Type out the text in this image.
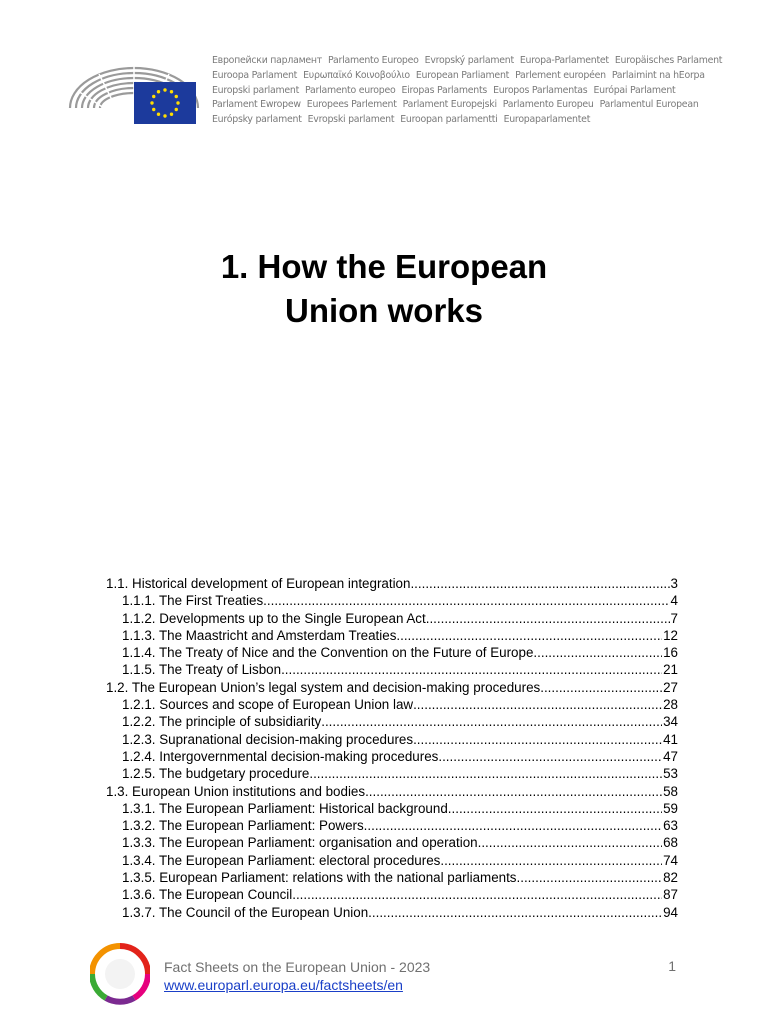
Европейски парламент Parlamento Europeo Evropský parlament Europa-Parlamentet Europäisches Parlament
Euroopa Parlament Ευρωπαϊκό Κοινοβούλιο European Parliament Parlement européen Parlaimint na hEorpa
Europski parlament Parlamento europeo Eiropas Parlaments Europos Parlamentas Európai Parlament
Parlament Ewropew Europees Parlement Parlament Europejski Parlamento Europeu Parlamentul European
Európsky parlament Evropski parlament Euroopan parlamentti Europaparlamentet
1. How the European
Union works
1.1. Historical development of European integration .....	3
1.1.1. The First Treaties .....	4
1.1.2. Developments up to the Single European Act .....	7
1.1.3. The Maastricht and Amsterdam Treaties .....	12
1.1.4. The Treaty of Nice and the Convention on the Future of Europe .....	16
1.1.5. The Treaty of Lisbon .....	21
1.2. The European Union’s legal system and decision-making procedures .....	27
1.2.1. Sources and scope of European Union law .....	28
1.2.2. The principle of subsidiarity .....	34
1.2.3. Supranational decision-making procedures .....	41
1.2.4. Intergovernmental decision-making procedures .....	47
1.2.5. The budgetary procedure .....	53
1.3. European Union institutions and bodies .....	58
1.3.1. The European Parliament: Historical background .....	59
1.3.2. The European Parliament: Powers .....	63
1.3.3. The European Parliament: organisation and operation .....	68
1.3.4. The European Parliament: electoral procedures .....	74
1.3.5. European Parliament: relations with the national parliaments .....	82
1.3.6. The European Council .....	87
1.3.7. The Council of the European Union .....	94
Fact Sheets on the European Union - 2023
www.europarl.europa.eu/factsheets/en
1
